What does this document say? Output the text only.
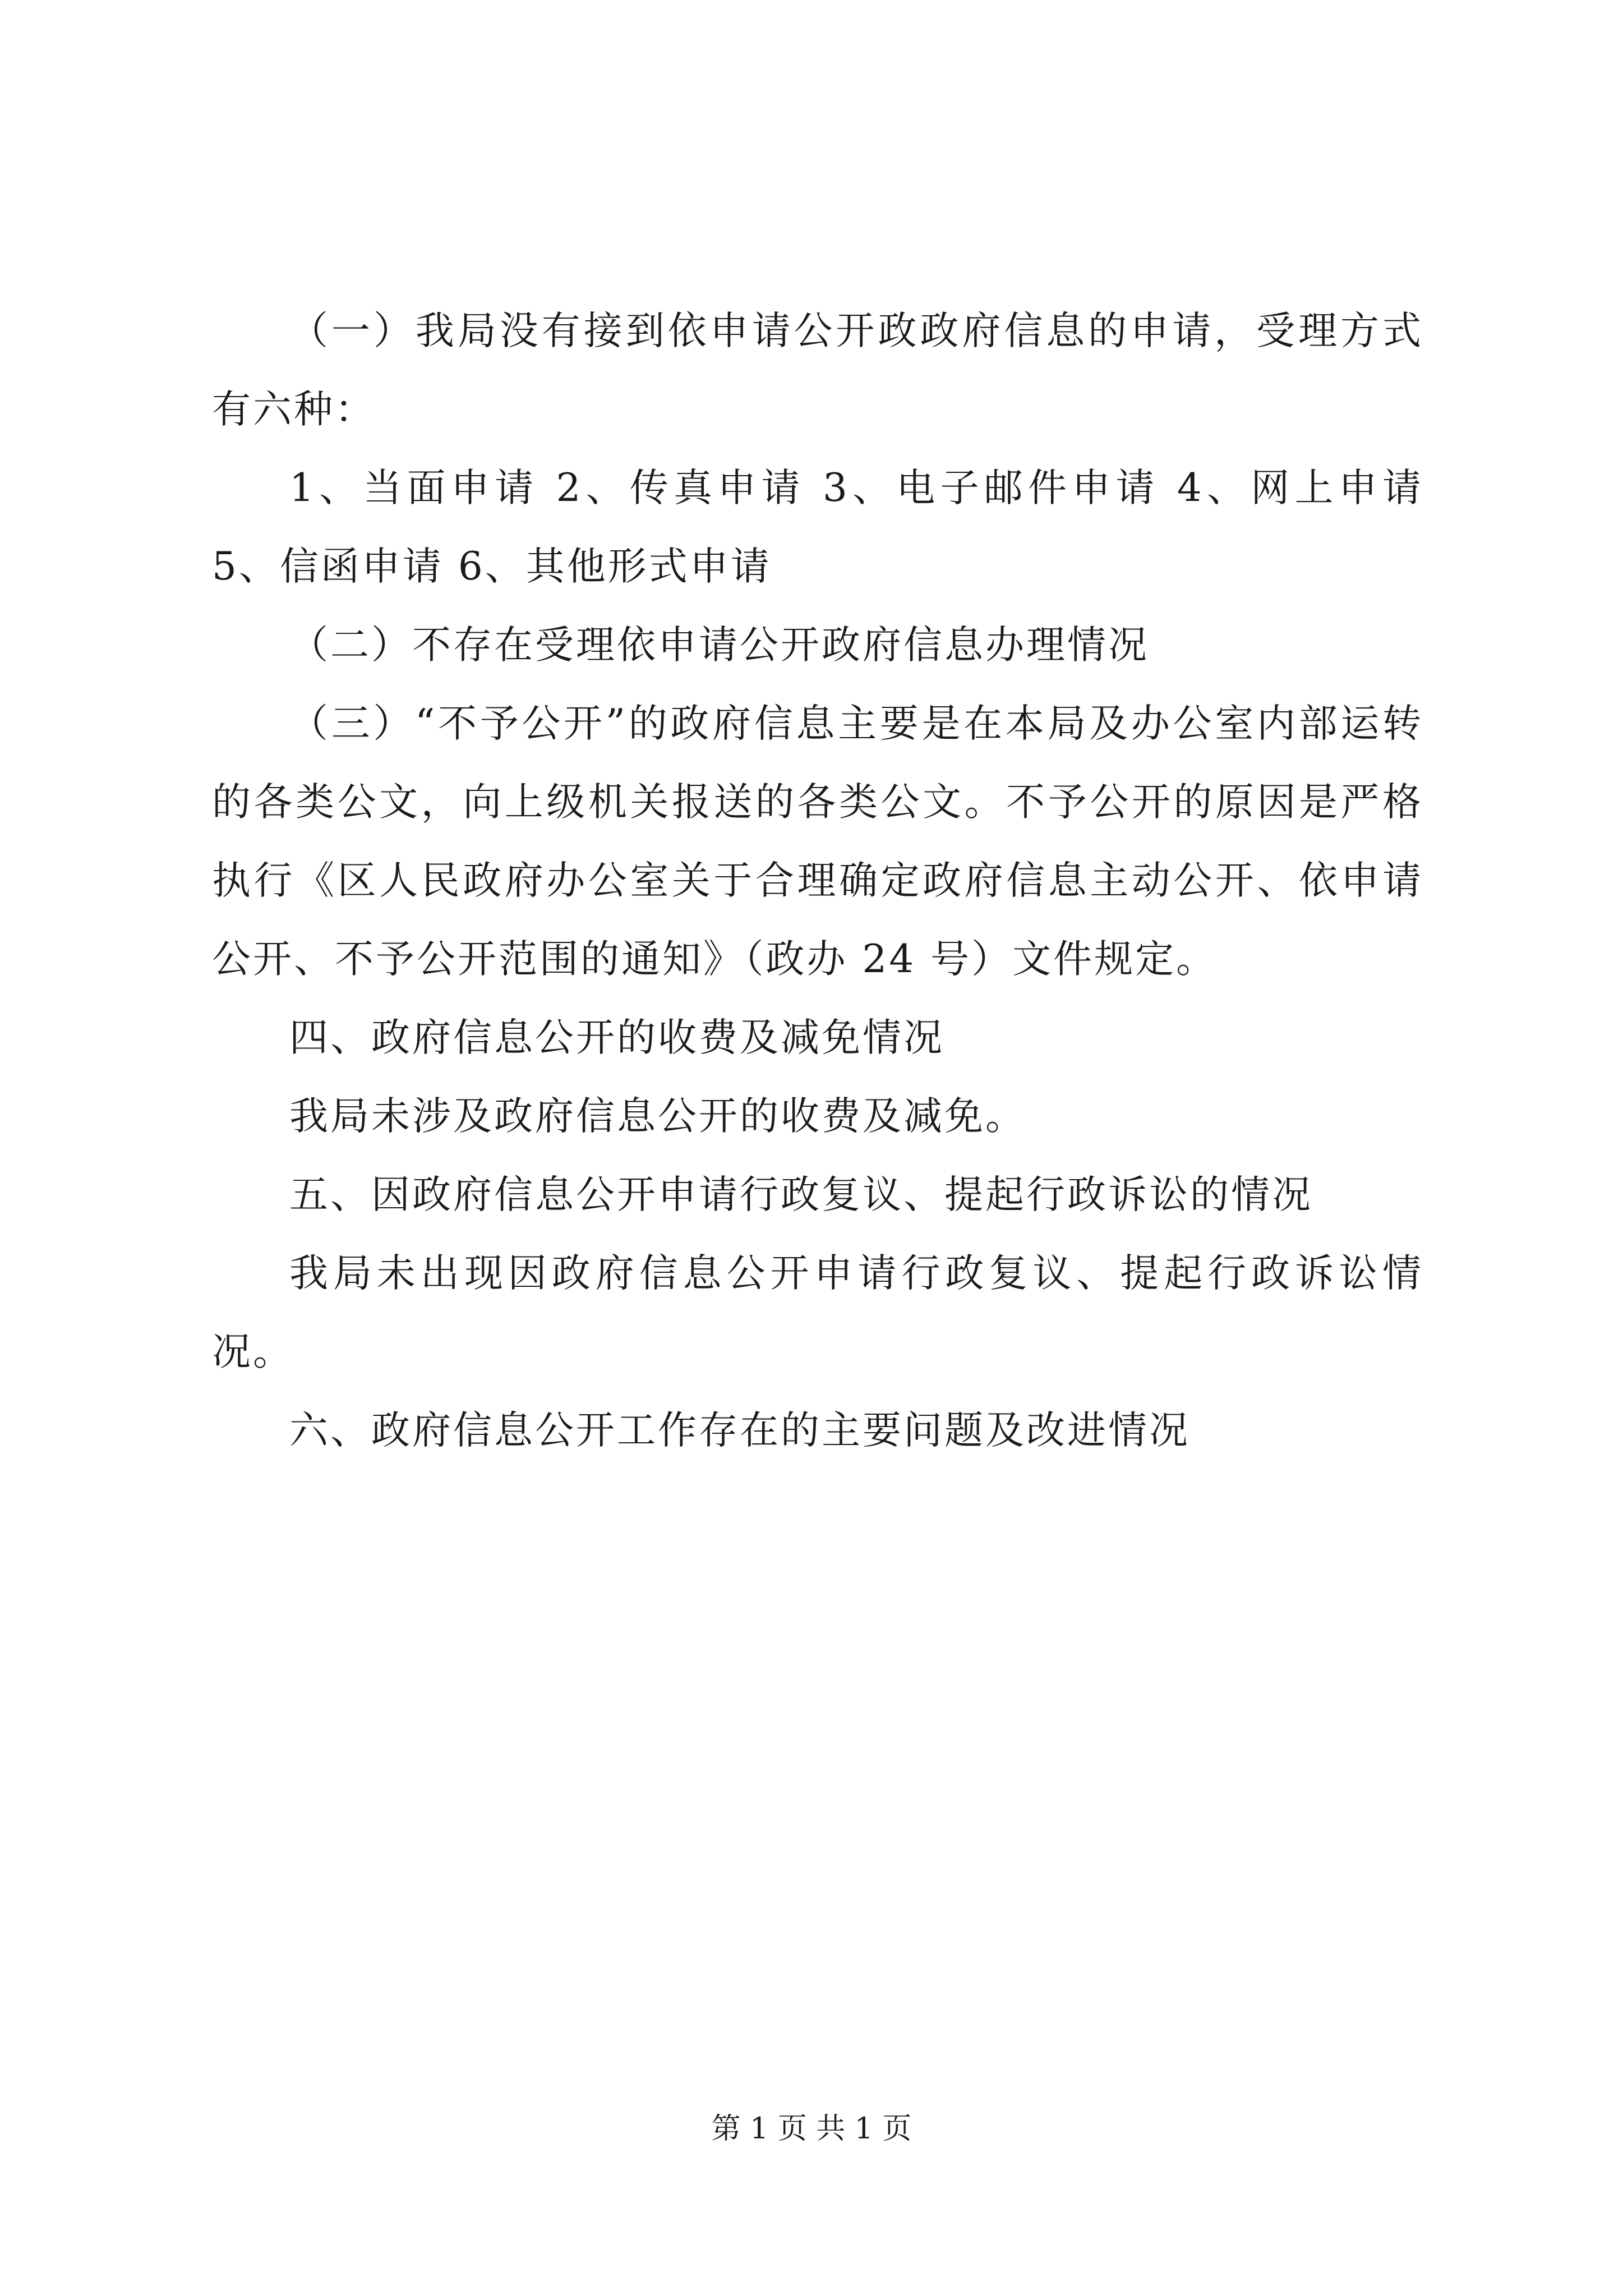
（一）我局没有接到依申请公开政政府信息的申请，受理方式有六种：

1、当面申请 2、传真申请 3、电子邮件申请 4、网上申请 5、信函申请 6、其他形式申请

（二）不存在受理依申请公开政府信息办理情况

（三）“不予公开”的政府信息主要是在本局及办公室内部运转的各类公文，向上级机关报送的各类公文。不予公开的原因是严格执行《区人民政府办公室关于合理确定政府信息主动公开、依申请公开、不予公开范围的通知》（政办 24 号）文件规定。

四、政府信息公开的收费及减免情况

我局未涉及政府信息公开的收费及减免。

五、因政府信息公开申请行政复议、提起行政诉讼的情况

我局未出现因政府信息公开申请行政复议、提起行政诉讼情况。

六、政府信息公开工作存在的主要问题及改进情况

第 1 页 共 1 页
